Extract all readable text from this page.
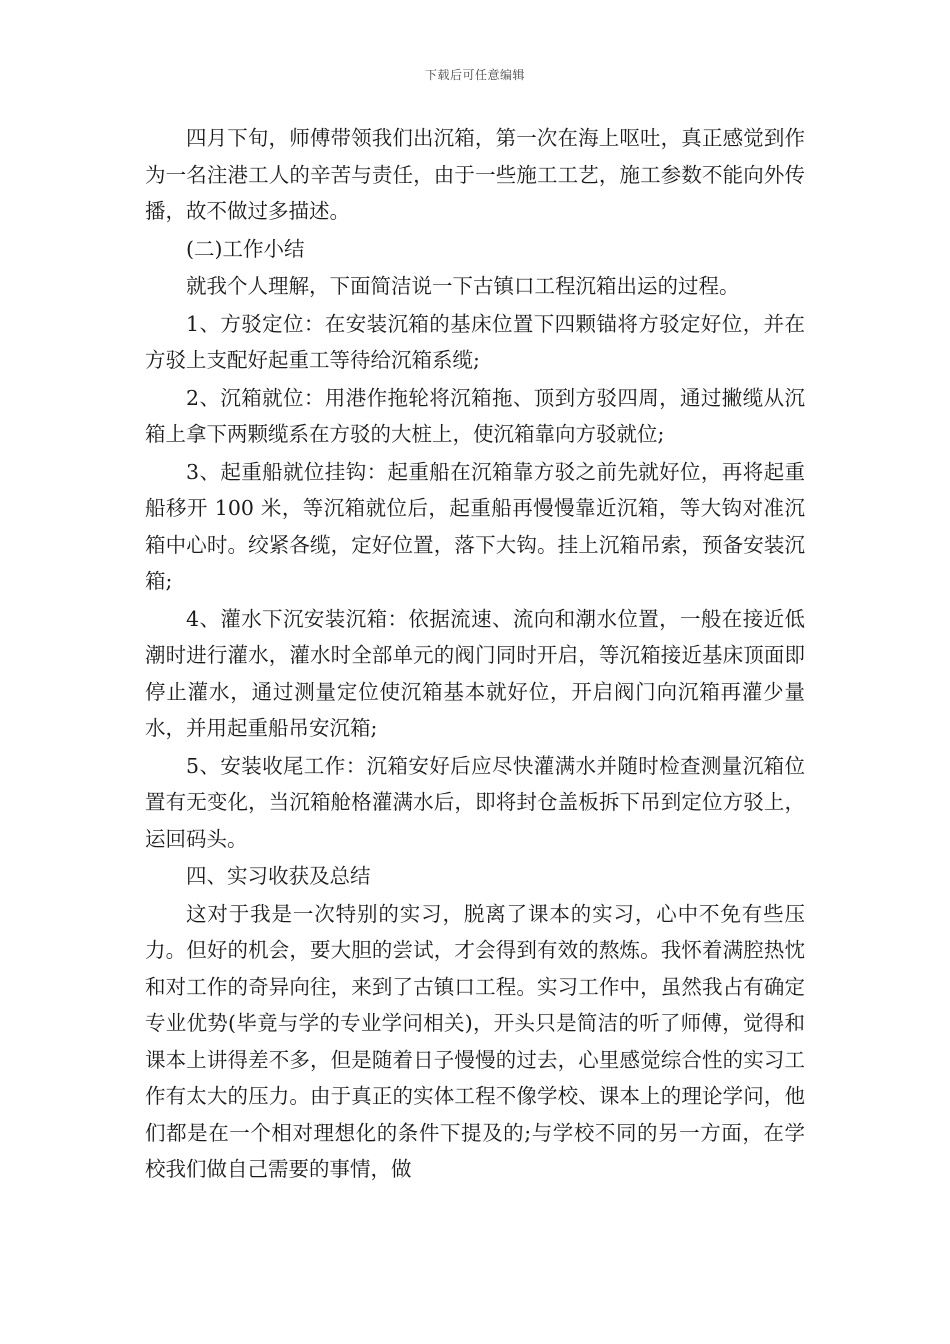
下载后可任意编辑

四月下旬，师傅带领我们出沉箱，第一次在海上呕吐，真正感觉到作为一名注港工人的辛苦与责任，由于一些施工工艺，施工参数不能向外传播，故不做过多描述。

(二)工作小结

就我个人理解，下面简洁说一下古镇口工程沉箱出运的过程。

1、方驳定位：在安装沉箱的基床位置下四颗锚将方驳定好位，并在方驳上支配好起重工等待给沉箱系缆;

2、沉箱就位：用港作拖轮将沉箱拖、顶到方驳四周，通过撇缆从沉箱上拿下两颗缆系在方驳的大桩上，使沉箱靠向方驳就位;

3、起重船就位挂钩：起重船在沉箱靠方驳之前先就好位，再将起重船移开 100 米，等沉箱就位后，起重船再慢慢靠近沉箱，等大钩对准沉箱中心时。绞紧各缆，定好位置，落下大钩。挂上沉箱吊索，预备安装沉箱;

4、灌水下沉安装沉箱：依据流速、流向和潮水位置，一般在接近低潮时进行灌水，灌水时全部单元的阀门同时开启，等沉箱接近基床顶面即停止灌水，通过测量定位使沉箱基本就好位，开启阀门向沉箱再灌少量水，并用起重船吊安沉箱;

5、安装收尾工作：沉箱安好后应尽快灌满水并随时检查测量沉箱位置有无变化，当沉箱舱格灌满水后，即将封仓盖板拆下吊到定位方驳上，运回码头。

四、实习收获及总结

这对于我是一次特别的实习，脱离了课本的实习，心中不免有些压力。但好的机会，要大胆的尝试，才会得到有效的熬炼。我怀着满腔热忱和对工作的奇异向往，来到了古镇口工程。实习工作中，虽然我占有确定专业优势(毕竟与学的专业学问相关)，开头只是简洁的听了师傅，觉得和课本上讲得差不多，但是随着日子慢慢的过去，心里感觉综合性的实习工作有太大的压力。由于真正的实体工程不像学校、课本上的理论学问，他们都是在一个相对理想化的条件下提及的;与学校不同的另一方面，在学校我们做自己需要的事情，做
